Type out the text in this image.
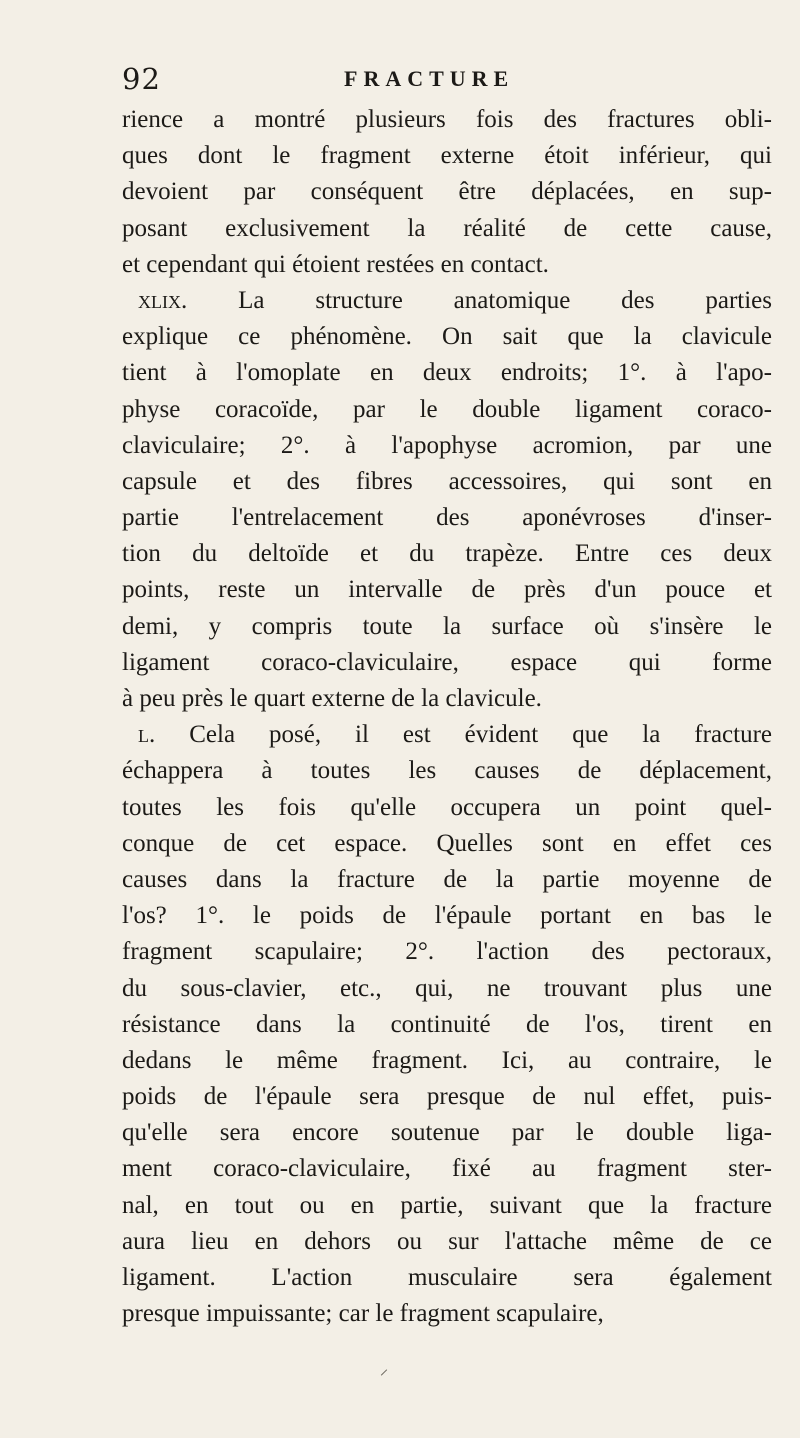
92	FRACTURE
rience a montré plusieurs fois des fractures obli-
ques dont le fragment externe étoit inférieur, qui
devoient par conséquent être déplacées, en sup-
posant exclusivement la réalité de cette cause,
et cependant qui étoient restées en contact.
xlix. La structure anatomique des parties
explique ce phénomène. On sait que la clavicule
tient à l'omoplate en deux endroits; 1°. à l'apo-
physe coracoïde, par le double ligament coraco-
claviculaire; 2°. à l'apophyse acromion, par une
capsule et des fibres accessoires, qui sont en
partie l'entrelacement des aponévroses d'inser-
tion du deltoïde et du trapèze. Entre ces deux
points, reste un intervalle de près d'un pouce et
demi, y compris toute la surface où s'insère le
ligament coraco-claviculaire, espace qui forme
à peu près le quart externe de la clavicule.
l. Cela posé, il est évident que la fracture
échappera à toutes les causes de déplacement,
toutes les fois qu'elle occupera un point quel-
conque de cet espace. Quelles sont en effet ces
causes dans la fracture de la partie moyenne de
l'os? 1°. le poids de l'épaule portant en bas le
fragment scapulaire; 2°. l'action des pectoraux,
du sous-clavier, etc., qui, ne trouvant plus une
résistance dans la continuité de l'os, tirent en
dedans le même fragment. Ici, au contraire, le
poids de l'épaule sera presque de nul effet, puis-
qu'elle sera encore soutenue par le double liga-
ment coraco-claviculaire, fixé au fragment ster-
nal, en tout ou en partie, suivant que la fracture
aura lieu en dehors ou sur l'attache même de ce
ligament. L'action musculaire sera également
presque impuissante; car le fragment scapulaire,
